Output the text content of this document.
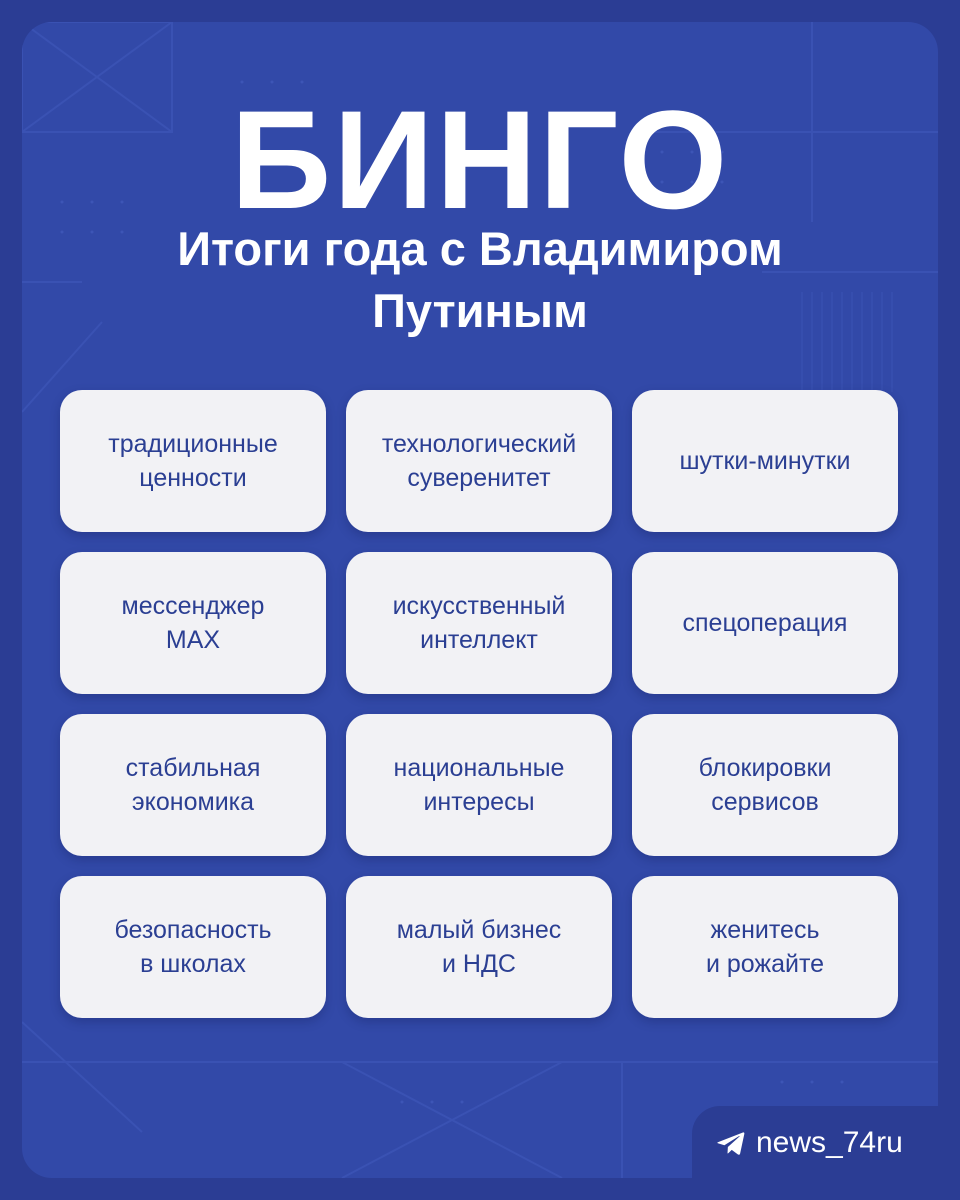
БИНГО
Итоги года с Владимиром Путиным
традиционные
ценности
технологический
суверенитет
шутки-минутки
мессенджер
MAX
искусственный
интеллект
спецоперация
стабильная
экономика
национальные
интересы
блокировки
сервисов
безопасность
в школах
малый бизнес
и НДС
женитесь
и рожайте
news_74ru
